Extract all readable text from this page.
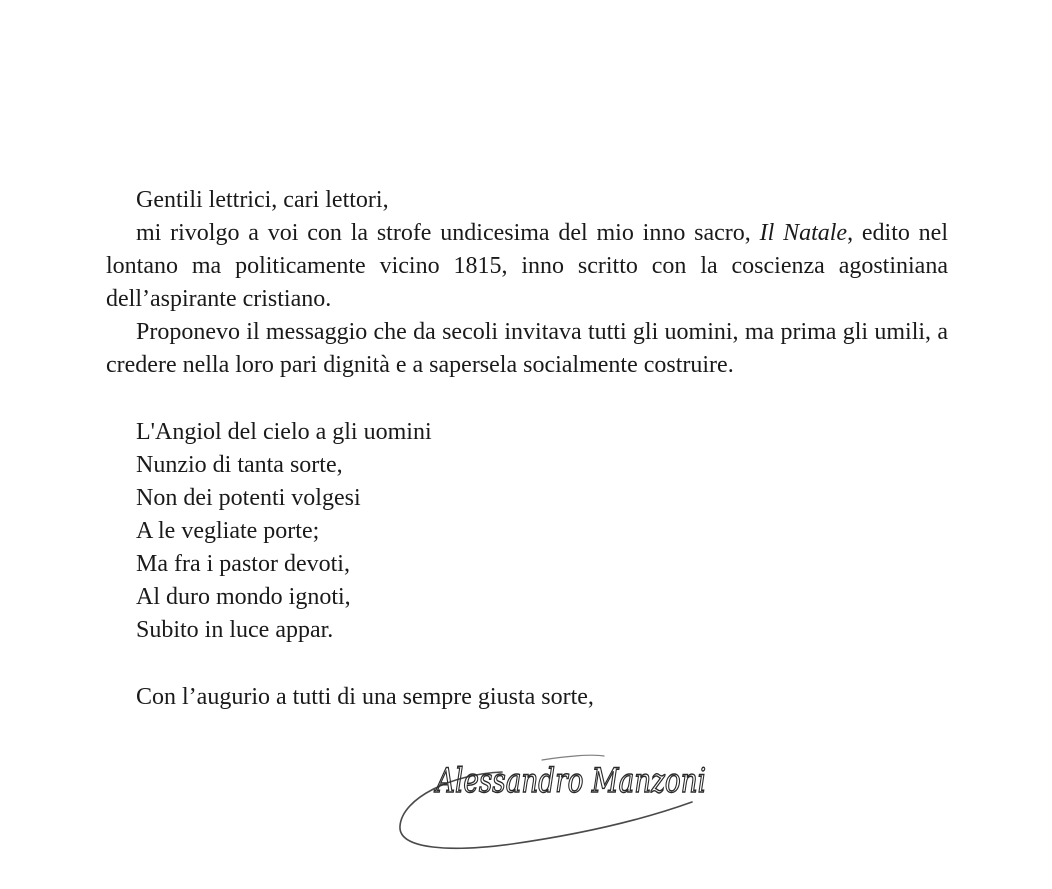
Gentili lettrici, cari lettori,

mi rivolgo a voi con la strofe undicesima del mio inno sacro, Il Natale, edito nel lontano ma politicamente vicino 1815, inno scritto con la coscienza agostiniana dell’aspirante cristiano.

Proponevo il messaggio che da secoli invitava tutti gli uomini, ma prima gli umili, a credere nella loro pari dignità e a sapersela socialmente costruire.

L'Angiol del cielo a gli uomini
Nunzio di tanta sorte,
Non dei potenti volgesi
A le vegliate porte;
Ma fra i pastor devoti,
Al duro mondo ignoti,
Subito in luce appar.

Con l’augurio a tutti di una sempre giusta sorte,

Alessandro Manzoni
